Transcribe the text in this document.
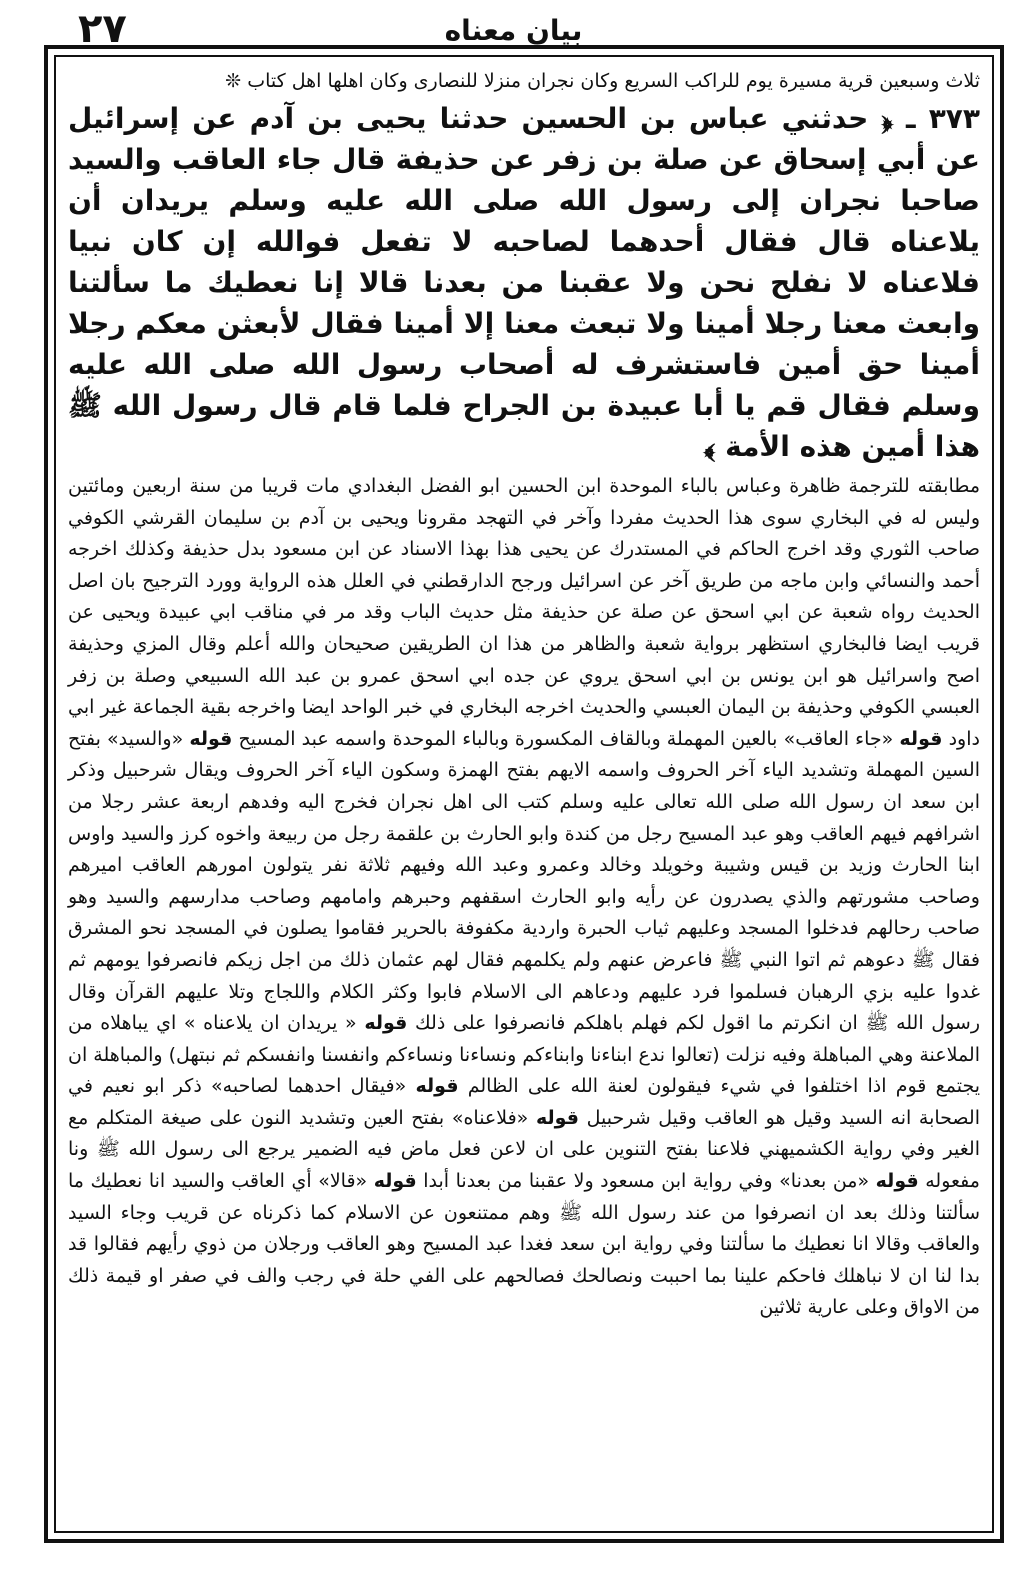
٢٧	بيان معناه

ثلاث وسبعين قرية مسيرة يوم للراكب السريع وكان نجران منزلا للنصارى وكان اهلها اهل كتاب ❊

٣٧٣ ـ ﴿ حدثني عباس بن الحسين حدثنا يحيى بن آدم عن إسرائيل عن أبي إسحاق عن صلة بن زفر عن حذيفة قال جاء العاقب والسيد صاحبا نجران إلى رسول الله صلى الله عليه وسلم يريدان أن يلاعناه قال فقال أحدهما لصاحبه لا تفعل فوالله إن كان نبيا فلاعناه لا نفلح نحن ولا عقبنا من بعدنا قالا إنا نعطيك ما سألتنا وابعث معنا رجلا أمينا ولا تبعث معنا إلا أمينا فقال لأبعثن معكم رجلا أمينا حق أمين فاستشرف له أصحاب رسول الله صلى الله عليه وسلم فقال قم يا أبا عبيدة بن الجراح فلما قام قال رسول الله ﷺ هذا أمين هذه الأمة ﴾

مطابقته للترجمة ظاهرة وعباس بالباء الموحدة ابن الحسين ابو الفضل البغدادي مات قريبا من سنة اربعين ومائتين وليس له في البخاري سوى هذا الحديث مفردا وآخر في التهجد مقرونا ويحيى بن آدم بن سليمان القرشي الكوفي صاحب الثوري وقد اخرج الحاكم في المستدرك عن يحيى هذا بهذا الاسناد عن ابن مسعود بدل حذيفة وكذلك اخرجه أحمد والنسائي وابن ماجه من طريق آخر عن اسرائيل ورجح الدارقطني في العلل هذه الرواية وورد الترجيح بان اصل الحديث رواه شعبة عن ابي اسحق عن صلة عن حذيفة مثل حديث الباب وقد مر في مناقب ابي عبيدة ويحيى عن قريب ايضا فالبخاري استظهر برواية شعبة والظاهر من هذا ان الطريقين صحيحان والله أعلم وقال المزي وحذيفة اصح واسرائيل هو ابن يونس بن ابي اسحق يروي عن جده ابي اسحق عمرو بن عبد الله السبيعي وصلة بن زفر العبسي الكوفي وحذيفة بن اليمان العبسي والحديث اخرجه البخاري في خبر الواحد ايضا واخرجه بقية الجماعة غير ابي داود قوله «جاء العاقب» بالعين المهملة وبالقاف المكسورة وبالباء الموحدة واسمه عبد المسيح قوله «والسيد» بفتح السين المهملة وتشديد الياء آخر الحروف واسمه الايهم بفتح الهمزة وسكون الياء آخر الحروف ويقال شرحبيل وذكر ابن سعد ان رسول الله صلى الله تعالى عليه وسلم كتب الى اهل نجران فخرج اليه وفدهم اربعة عشر رجلا من اشرافهم فيهم العاقب وهو عبد المسيح رجل من كندة وابو الحارث بن علقمة رجل من ربيعة واخوه كرز والسيد واوس ابنا الحارث وزيد بن قيس وشيبة وخويلد وخالد وعمرو وعبد الله وفيهم ثلاثة نفر يتولون امورهم العاقب اميرهم وصاحب مشورتهم والذي يصدرون عن رأيه وابو الحارث اسقفهم وحبرهم وامامهم وصاحب مدارسهم والسيد وهو صاحب رحالهم فدخلوا المسجد وعليهم ثياب الحبرة واردية مكفوفة بالحرير فقاموا يصلون في المسجد نحو المشرق فقال ﷺ دعوهم ثم اتوا النبي ﷺ فاعرض عنهم ولم يكلمهم فقال لهم عثمان ذلك من اجل زيكم فانصرفوا يومهم ثم غدوا عليه بزي الرهبان فسلموا فرد عليهم ودعاهم الى الاسلام فابوا وكثر الكلام واللجاج وتلا عليهم القرآن وقال رسول الله ﷺ ان انكرتم ما اقول لكم فهلم باهلكم فانصرفوا على ذلك قوله « يريدان ان يلاعناه » اي يباهلاه من الملاعنة وهي المباهلة وفيه نزلت (تعالوا ندع ابناءنا وابناءكم ونساءنا ونساءكم وانفسنا وانفسكم ثم نبتهل) والمباهلة ان يجتمع قوم اذا اختلفوا في شيء فيقولون لعنة الله على الظالم قوله «فيقال احدهما لصاحبه» ذكر ابو نعيم في الصحابة انه السيد وقيل هو العاقب وقيل شرحبيل قوله «فلاعناه» بفتح العين وتشديد النون على صيغة المتكلم مع الغير وفي رواية الكشميهني فلاعنا بفتح التنوين على ان لاعن فعل ماض فيه الضمير يرجع الى رسول الله ﷺ ونا مفعوله قوله «من بعدنا» وفي رواية ابن مسعود ولا عقبنا من بعدنا أبدا قوله «قالا» أي العاقب والسيد انا نعطيك ما سألتنا وذلك بعد ان انصرفوا من عند رسول الله ﷺ وهم ممتنعون عن الاسلام كما ذكرناه عن قريب وجاء السيد والعاقب وقالا انا نعطيك ما سألتنا وفي رواية ابن سعد فغدا عبد المسيح وهو العاقب ورجلان من ذوي رأيهم فقالوا قد بدا لنا ان لا نباهلك فاحكم علينا بما احببت ونصالحك فصالحهم على الفي حلة في رجب والف في صفر او قيمة ذلك من الاواق وعلى عارية ثلاثين
